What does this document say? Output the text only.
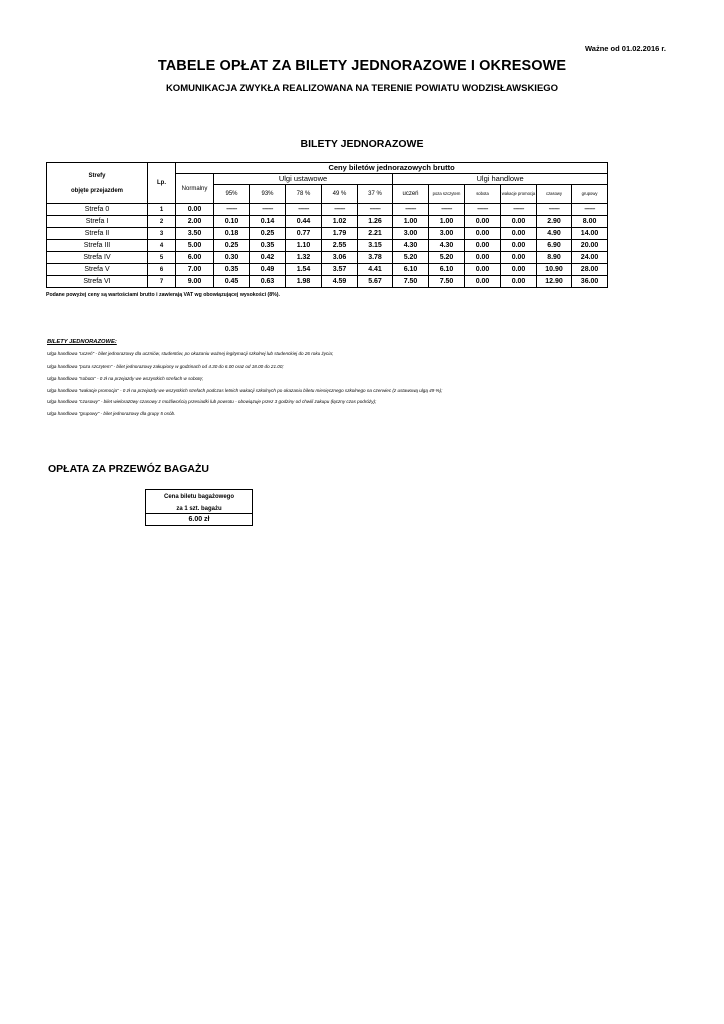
Ważne od 01.02.2016 r.
TABELE OPŁAT ZA BILETY JEDNORAZOWE I OKRESOWE
KOMUNIKACJA ZWYKŁA REALIZOWANA NA TERENIE POWIATU WODZISŁAWSKIEGO
BILETY JEDNORAZOWE
Strefy
objęte przejazdem	Lp.	Ceny biletów jednorazowych brutto											
		Normalny	Ulgi ustawowe					Ulgi handlowe					
			95%	93%	78 %	49 %	37 %	uczeń	poza szczytem	sobota	wakacje promocja	czasowy	grupowy
Strefa 0	1	0.00	---------	---------	---------	---------	---------	---------	---------	---------	---------	---------	---------
Strefa I	2	2.00	0.10	0.14	0.44	1.02	1.26	1.00	1.00	0.00	0.00	2.90	8.00
Strefa II	3	3.50	0.18	0.25	0.77	1.79	2.21	3.00	3.00	0.00	0.00	4.90	14.00
Strefa III	4	5.00	0.25	0.35	1.10	2.55	3.15	4.30	4.30	0.00	0.00	6.90	20.00
Strefa IV	5	6.00	0.30	0.42	1.32	3.06	3.78	5.20	5.20	0.00	0.00	8.90	24.00
Strefa V	6	7.00	0.35	0.49	1.54	3.57	4.41	6.10	6.10	0.00	0.00	10.90	28.00
Strefa VI	7	9.00	0.45	0.63	1.98	4.59	5.67	7.50	7.50	0.00	0.00	12.90	36.00
Podane powyżej ceny są wartościami brutto i zawierają VAT wg obowiązującej wysokości (8%).
BILETY JEDNORAZOWE:
Ulga handlowa "uczeń" - bilet jednorazowy dla uczniów, studentów, po okazaniu ważnej legitymacji szkolnej lub studenckiej do 26 roku życia;
Ulga handlowa "poza szczytem" - bilet jednorazowy zakupiony w godzinach od 4.30 do 6.00 oraz od 18.00 do 21.00;
Ulga handlowa "sobota" - 0 zł na przejazdy we wszystkich strefach w sobotę;
Ulga handlowa "wakacje promocja" - 0 zł na przejazdy we wszystkich strefach podczas letnich wakacji szkolnych po okazaniu biletu miesięcznego szkolnego na czerwiec (z ustawową ulgą 49 %);
Ulga handlowa "czasowy" - bilet wieloraz0wy czasowy z możliwością przesiadki lub powrotu - obowiązuje przez 3 godziny od chwili zakupu (łączny czas podróży);
Ulga handlowa "grupowy" - bilet jednorazowy dla grupy 5 osób.
OPŁATA ZA PRZEWÓZ BAGAŻU
Cena biletu bagażowego
za 1 szt. bagażu
6.00 zł
